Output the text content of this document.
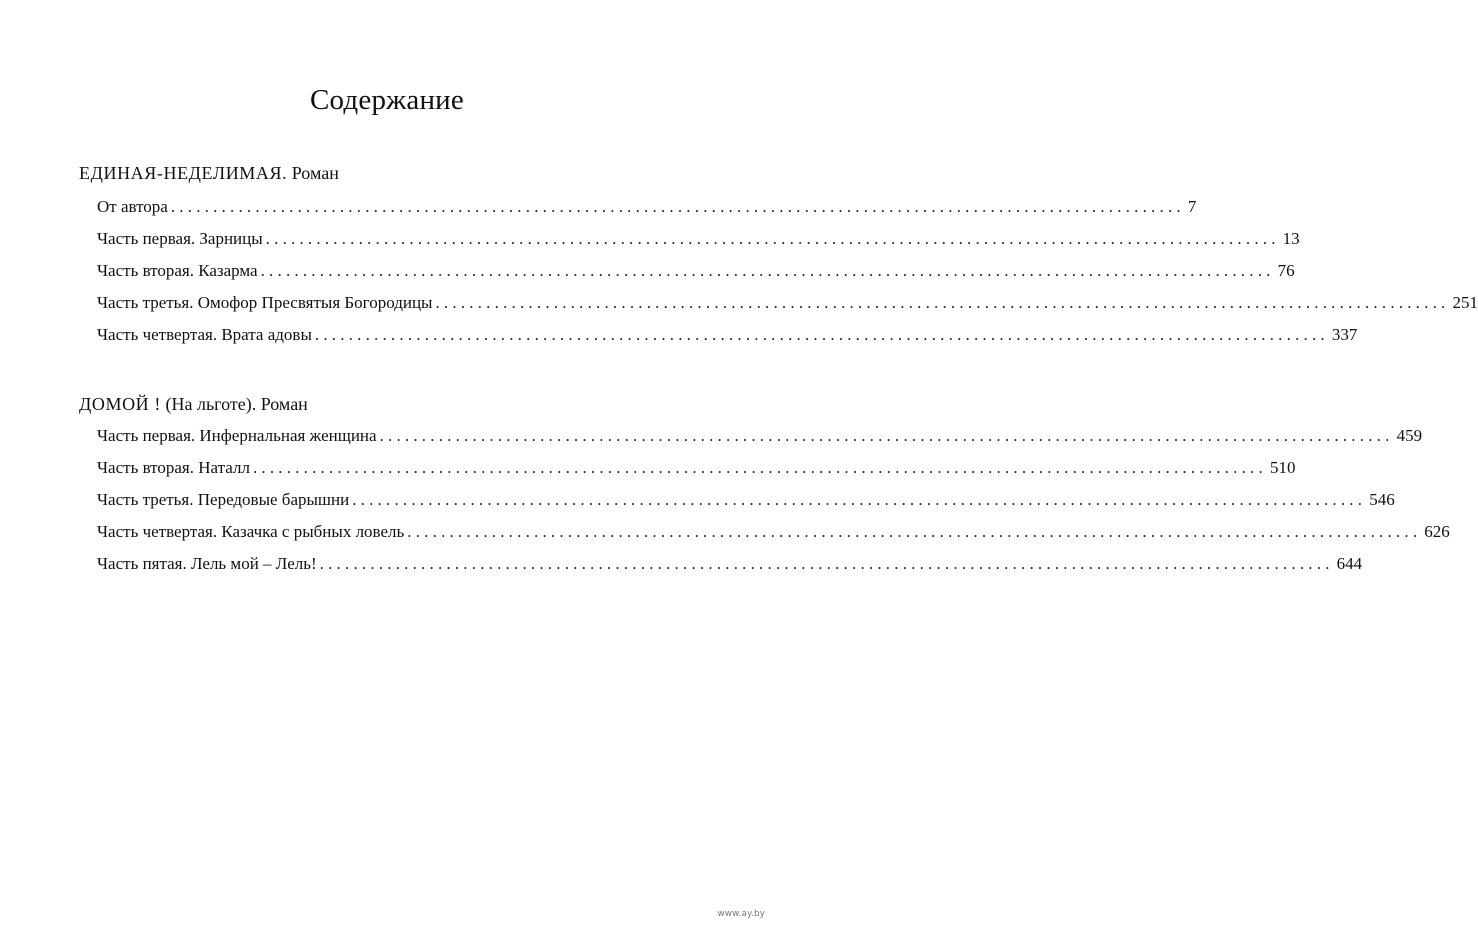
Содержание
ЕДИНАЯ-НЕДЕЛИМАЯ. Роман
От автора ........................................................................................................................ 7
Часть первая. Зарницы ........................................................................................................................ 13
Часть вторая. Казарма ........................................................................................................................ 76
Часть третья. Омофор Пресвятыя Богородицы ........................................................................................................................ 251
Часть четвертая. Врата адовы ........................................................................................................................ 337
ДОМОЙ ! (На льготе). Роман
Часть первая. Инфернальная женщина ........................................................................................................................ 459
Часть вторая. Наталл ........................................................................................................................ 510
Часть третья. Передовые барышни ........................................................................................................................ 546
Часть четвертая. Казачка с рыбных ловель ........................................................................................................................ 626
Часть пятая. Лель мой – Лель! ........................................................................................................................ 644
www.ay.by
